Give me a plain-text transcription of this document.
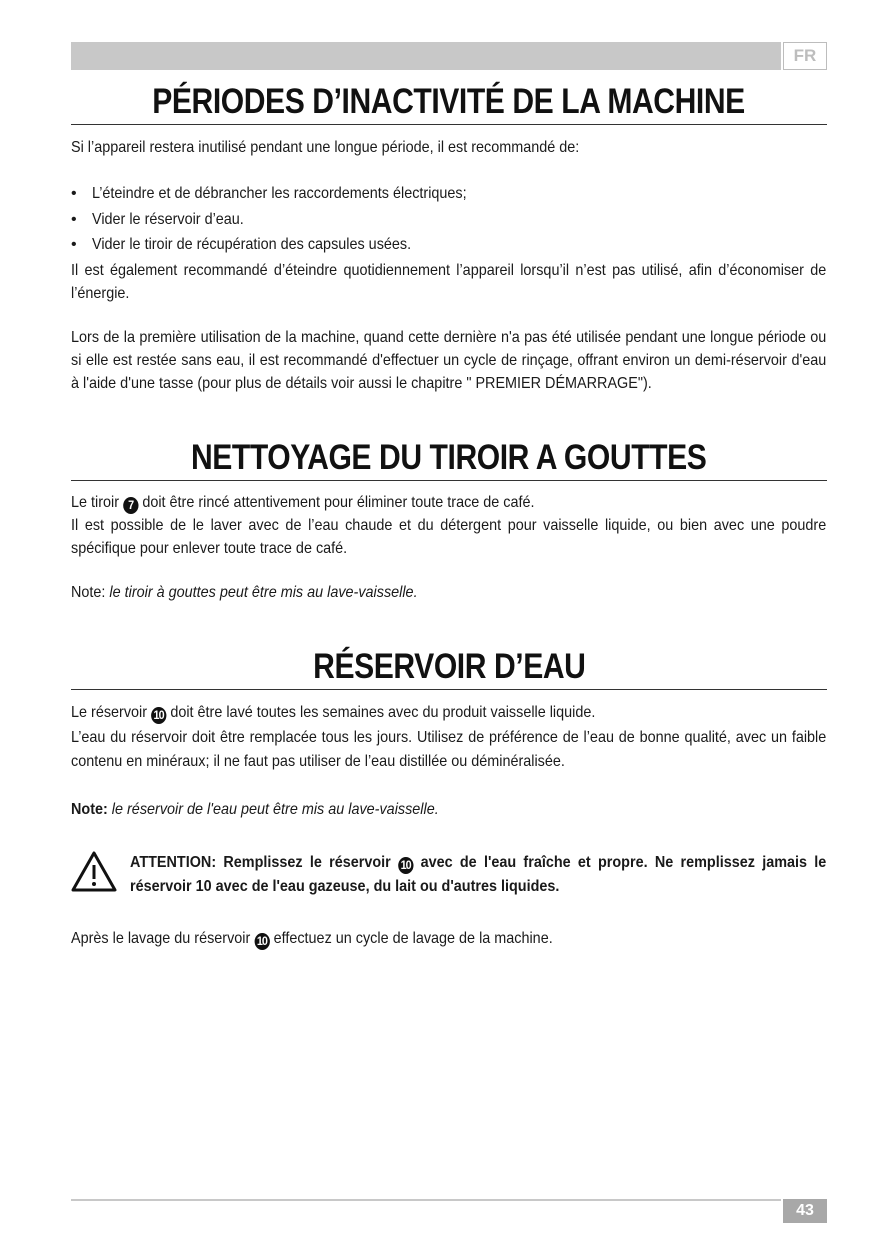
FR
PÉRIODES D’INACTIVITÉ DE LA MACHINE

Si l’appareil restera inutilisé pendant une longue période, il est recommandé de:

• L’éteindre et de débrancher les raccordements électriques;
• Vider le réservoir d’eau.
• Vider le tiroir de récupération des capsules usées.

Il est également recommandé d’éteindre quotidiennement l’appareil lorsqu’il n’est pas utilisé, afin d’économiser de l’énergie.

Lors de la première utilisation de la machine, quand cette dernière n'a pas été utilisée pendant une longue période ou si elle est restée sans eau, il est recommandé d'effectuer un cycle de rinçage, offrant environ un demi-réservoir d'eau à l'aide d'une tasse (pour plus de détails voir aussi le chapitre " PREMIER DÉMARRAGE").

NETTOYAGE DU TIROIR A GOUTTES

Le tiroir 7 doit être rincé attentivement pour éliminer toute trace de café.

Il est possible de le laver avec de l’eau chaude et du détergent pour vaisselle liquide, ou bien avec une poudre spécifique pour enlever toute trace de café.

Note: le tiroir à gouttes peut être mis au lave-vaisselle.

RÉSERVOIR D’EAU

Le réservoir 10 doit être lavé toutes les semaines avec du produit vaisselle liquide.

L’eau du réservoir doit être remplacée tous les jours. Utilisez de préférence de l’eau de bonne qualité, avec un faible contenu en minéraux; il ne faut pas utiliser de l’eau distillée ou déminéralisée.

Note: le réservoir de l'eau peut être mis au lave-vaisselle.

ATTENTION: Remplissez le réservoir 10 avec de l'eau fraîche et propre. Ne remplissez jamais le réservoir 10 avec de l'eau gazeuse, du lait ou d'autres liquides.

Après le lavage du réservoir 10 effectuez un cycle de lavage de la machine.

43
